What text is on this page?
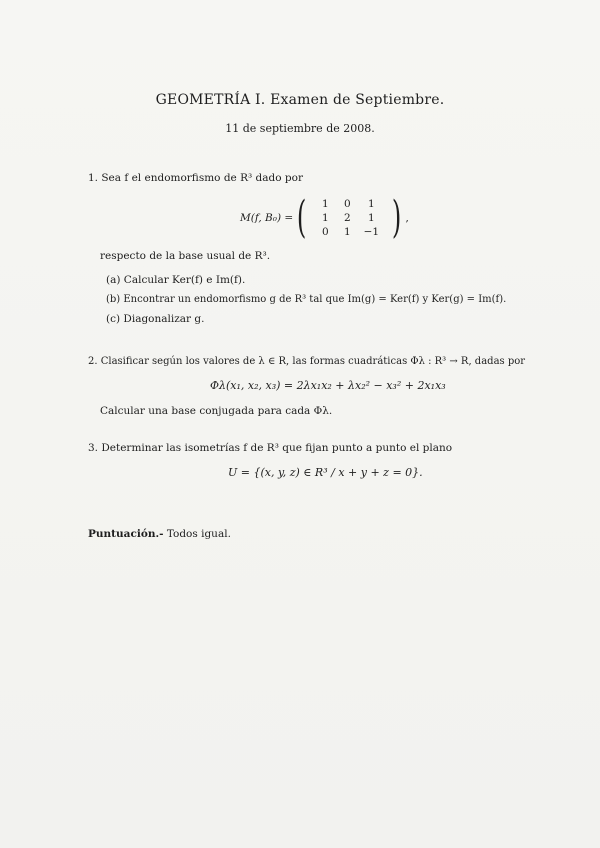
GEOMETRÍA I. Examen de Septiembre.
11 de septiembre de 2008.
1. Sea f el endomorfismo de R³ dado por
M(f, B₀) = (	1	0	1
1	2	1
0	1	−1 ) ,
respecto de la base usual de R³.
(a) Calcular Ker(f) e Im(f).
(b) Encontrar un endomorfismo g de R³ tal que Im(g) = Ker(f) y Ker(g) = Im(f).
(c) Diagonalizar g.
2. Clasificar según los valores de λ ∈ R, las formas cuadráticas Φλ : R³ → R, dadas por
Φλ(x₁, x₂, x₃) = 2λx₁x₂ + λx₂² − x₃² + 2x₁x₃
Calcular una base conjugada para cada Φλ.
3. Determinar las isometrías f de R³ que fijan punto a punto el plano
U = {(x, y, z) ∈ R³ / x + y + z = 0}.
Puntuación.- Todos igual.
